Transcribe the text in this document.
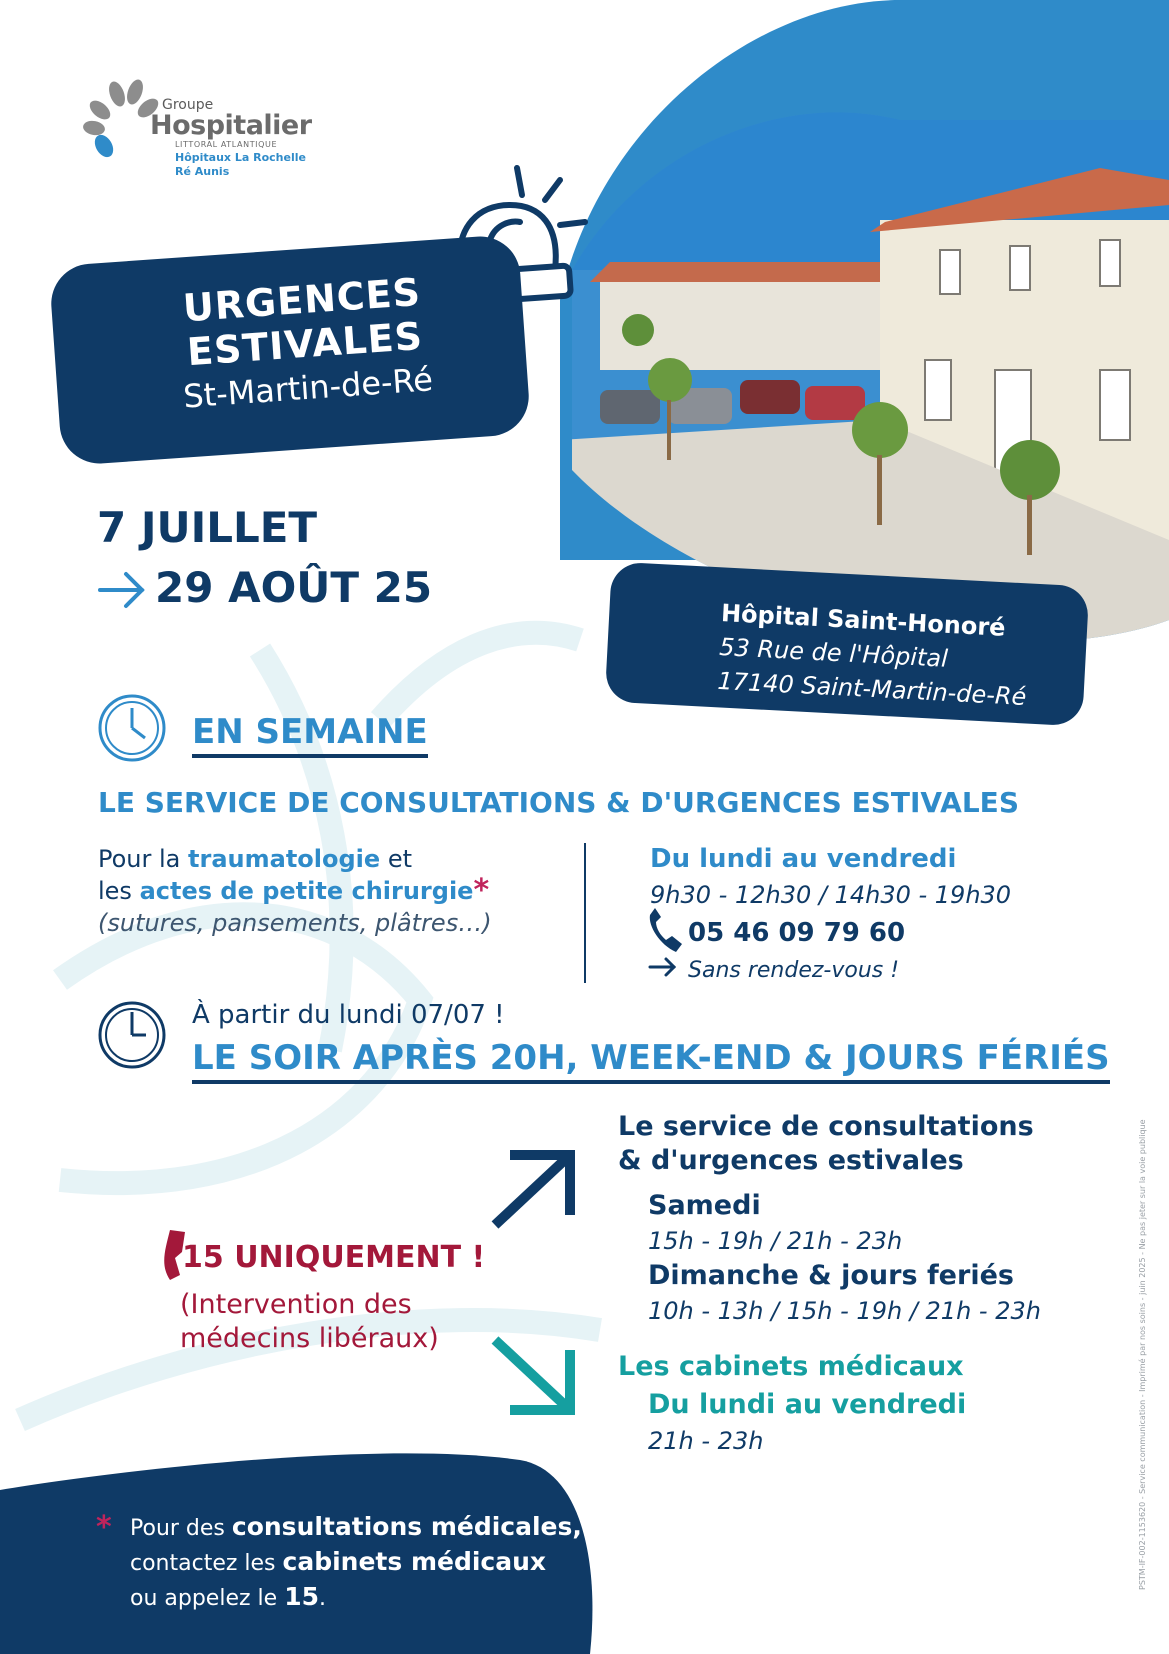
Groupe
Hospitalier
LITTORAL ATLANTIQUE
Hôpitaux La Rochelle
Ré Aunis
URGENCES
ESTIVALES
St-Martin-de-Ré
7 JUILLET
29 AOÛT 25
Hôpital Saint-Honoré
53 Rue de l'Hôpital
17140 Saint-Martin-de-Ré
EN SEMAINE
LE SERVICE DE CONSULTATIONS & D'URGENCES ESTIVALES
Pour la traumatologie et
les actes de petite chirurgie*
(sutures, pansements, plâtres…)
Du lundi au vendredi
9h30 - 12h30 / 14h30 - 19h30
05 46 09 79 60
Sans rendez-vous !
À partir du lundi 07/07 !
LE SOIR APRÈS 20H, WEEK-END & JOURS FÉRIÉS
15 UNIQUEMENT !
(Intervention des
médecins libéraux)
Le service de consultations
& d'urgences estivales
Samedi
15h - 19h / 21h - 23h
Dimanche & jours feriés
10h - 13h / 15h - 19h / 21h - 23h
Les cabinets médicaux
Du lundi au vendredi
21h - 23h
* Pour des consultations médicales,
contactez les cabinets médicaux
ou appelez le 15.
PSTM-IF-002-1153620 - Service communication - Imprimé par nos soins - juin 2025 - Ne pas jeter sur la voie publique
